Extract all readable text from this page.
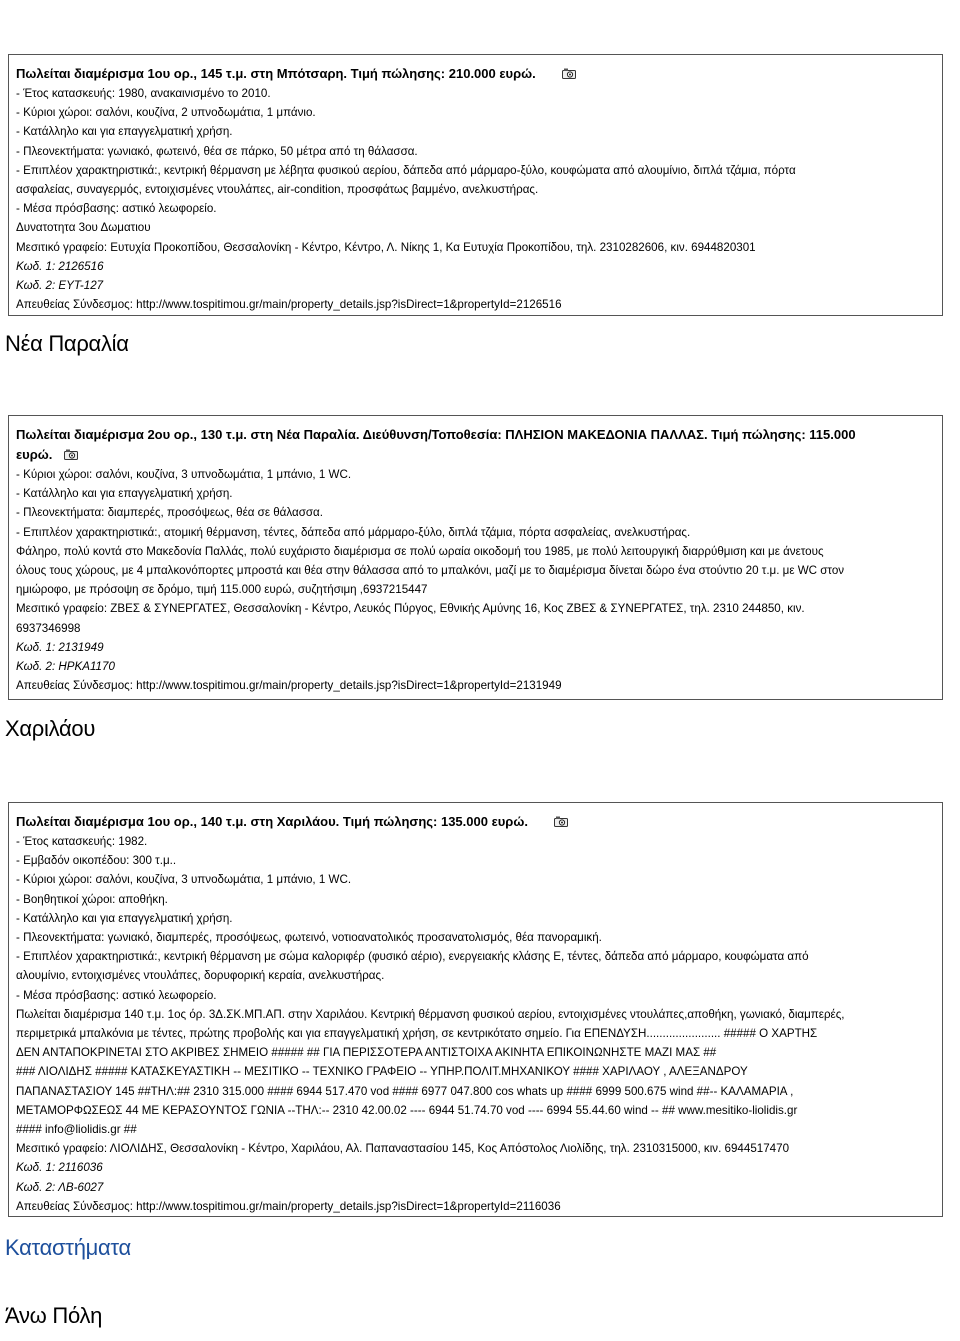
Πωλείται διαμέρισμα 1ου ορ., 145 τ.μ. στη Μπότσαρη. Τιμή πώλησης: 210.000 ευρώ.
- Έτος κατασκευής: 1980, ανακαινισμένο το 2010.
- Κύριοι χώροι: σαλόνι, κουζίνα, 2 υπνοδωμάτια, 1 μπάνιο.
- Κατάλληλο και για επαγγελματική χρήση.
- Πλεονεκτήματα: γωνιακό, φωτεινό, θέα σε πάρκο, 50 μέτρα από τη θάλασσα.
- Επιπλέον χαρακτηριστικά:, κεντρική θέρμανση με λέβητα φυσικού αερίου, δάπεδα από μάρμαρο-ξύλο, κουφώματα από αλουμίνιο, διπλά τζάμια, πόρτα
ασφαλείας, συναγερμός, εντοιχισμένες ντουλάπες, air-condition, προσφάτως βαμμένο, ανελκυστήρας.
- Μέσα πρόσβασης: αστικό λεωφορείο.
Δυνατοτητα 3ου Δωματιου
Μεσιτικό γραφείο: Ευτυχία Προκοπίδου, Θεσσαλονίκη - Κέντρο, Κέντρο, Λ. Νίκης 1, Κα Ευτυχία Προκοπίδου, τηλ. 2310282606, κιν. 6944820301
Κωδ. 1: 2126516
Κωδ. 2: ΕΥΤ-127
Απευθείας Σύνδεσμος: http://www.tospitimou.gr/main/property_details.jsp?isDirect=1&propertyId=2126516
Νέα Παραλία
Πωλείται διαμέρισμα 2ου ορ., 130 τ.μ. στη Νέα Παραλία. Διεύθυνση/Τοποθεσία: ΠΛΗΣΙΟΝ ΜΑΚΕΔΟΝΙΑ ΠΑΛΛΑΣ. Τιμή πώλησης: 115.000
ευρώ.
- Κύριοι χώροι: σαλόνι, κουζίνα, 3 υπνοδωμάτια, 1 μπάνιο, 1 WC.
- Κατάλληλο και για επαγγελματική χρήση.
- Πλεονεκτήματα: διαμπερές, προσόψεως, θέα σε θάλασσα.
- Επιπλέον χαρακτηριστικά:, ατομική θέρμανση, τέντες, δάπεδα από μάρμαρο-ξύλο, διπλά τζάμια, πόρτα ασφαλείας, ανελκυστήρας.
Φάληρο, πολύ κοντά στο Μακεδονία Παλλάς, πολύ ευχάριστο διαμέρισμα σε πολύ ωραία οικοδομή του 1985, με πολύ λειτουργική διαρρύθμιση και με άνετους
όλους τους χώρους, με 4 μπαλκονόπορτες μπροστά και θέα στην θάλασσα από το μπαλκόνι, μαζί με το διαμέρισμα δίνεται δώρο ένα στούντιο 20 τ.μ. με WC στον
ημιώροφο, με πρόσοψη σε δρόμο, τιμή 115.000 ευρώ, συζητήσιμη ,6937215447
Μεσιτικό γραφείο: ΖΒΕΣ & ΣΥΝΕΡΓΑΤΕΣ, Θεσσαλονίκη - Κέντρο, Λευκός Πύργος, Εθνικής Αμύνης 16, Κος ΖΒΕΣ & ΣΥΝΕΡΓΑΤΕΣ, τηλ. 2310 244850, κιν.
6937346998
Κωδ. 1: 2131949
Κωδ. 2: ΗΡΚΑ1170
Απευθείας Σύνδεσμος: http://www.tospitimou.gr/main/property_details.jsp?isDirect=1&propertyId=2131949
Χαριλάου
Πωλείται διαμέρισμα 1ου ορ., 140 τ.μ. στη Χαριλάου. Τιμή πώλησης: 135.000 ευρώ.
- Έτος κατασκευής: 1982.
- Εμβαδόν οικοπέδου: 300 τ.μ..
- Κύριοι χώροι: σαλόνι, κουζίνα, 3 υπνοδωμάτια, 1 μπάνιο, 1 WC.
- Βοηθητικοί χώροι: αποθήκη.
- Κατάλληλο και για επαγγελματική χρήση.
- Πλεονεκτήματα: γωνιακό, διαμπερές, προσόψεως, φωτεινό, νοτιοανατολικός προσανατολισμός, θέα πανοραμική.
- Επιπλέον χαρακτηριστικά:, κεντρική θέρμανση με σώμα καλοριφέρ (φυσικό αέριο), ενεργειακής κλάσης Ε, τέντες, δάπεδα από μάρμαρο, κουφώματα από
αλουμίνιο, εντοιχισμένες ντουλάπες, δορυφορική κεραία, ανελκυστήρας.
- Μέσα πρόσβασης: αστικό λεωφορείο.
Πωλείται διαμέρισμα 140 τ.μ. 1ος όρ. 3Δ.ΣΚ.ΜΠ.ΑΠ. στην Χαριλάου. Κεντρική θέρμανση φυσικού αερίου, εντοιχισμένες ντουλάπες,αποθήκη, γωνιακό, διαμπερές,
περιμετρικά μπαλκόνια με τέντες, πρώτης προβολής και για επαγγελματική χρήση, σε κεντρικότατο σημείο. Για ΕΠΕΝΔΥΣΗ....................... ##### Ο ΧΑΡΤΗΣ
ΔΕΝ ΑΝΤΑΠΟΚΡΙΝΕΤΑΙ ΣΤΟ ΑΚΡΙΒΕΣ ΣΗΜΕΙΟ ##### ## ΓΙΑ ΠΕΡΙΣΣΟΤΕΡΑ ΑΝΤΙΣΤΟΙΧΑ ΑΚΙΝΗΤΑ ΕΠΙΚΟΙΝΩΝΗΣΤΕ ΜΑΖΙ ΜΑΣ ##
### ΛΙΟΛΙΔΗΣ ##### ΚΑΤΑΣΚΕΥΑΣΤΙΚΗ -- ΜΕΣΙΤΙΚΟ -- ΤΕΧΝΙΚΟ ΓΡΑΦΕΙΟ -- ΥΠΗΡ.ΠΟΛΙΤ.ΜΗΧΑΝΙΚΟΥ #### ΧΑΡΙΛΑΟΥ , ΑΛΕΞΑΝΔΡΟΥ
ΠΑΠΑΝΑΣΤΑΣΙΟΥ 145 ##ΤΗΛ:## 2310 315.000 #### 6944 517.470 vod #### 6977 047.800 cos whats up #### 6999 500.675 wind ##-- ΚΑΛΑΜΑΡΙΑ ,
ΜΕΤΑΜΟΡΦΩΣΕΩΣ 44 ΜΕ ΚΕΡΑΣΟΥΝΤΟΣ ΓΩΝΙΑ --ΤΗΛ:-- 2310 42.00.02 ---- 6944 51.74.70 vod ---- 6994 55.44.60 wind -- ## www.mesitiko-liolidis.gr
#### info@liolidis.gr ##
Μεσιτικό γραφείο: ΛΙΟΛΙΔΗΣ, Θεσσαλονίκη - Κέντρο, Χαριλάου, Αλ. Παπαναστασίου 145, Κος Απόστολος Λιολίδης, τηλ. 2310315000, κιν. 6944517470
Κωδ. 1: 2116036
Κωδ. 2: ΛΒ-6027
Απευθείας Σύνδεσμος: http://www.tospitimou.gr/main/property_details.jsp?isDirect=1&propertyId=2116036
Καταστήματα
Άνω Πόλη
